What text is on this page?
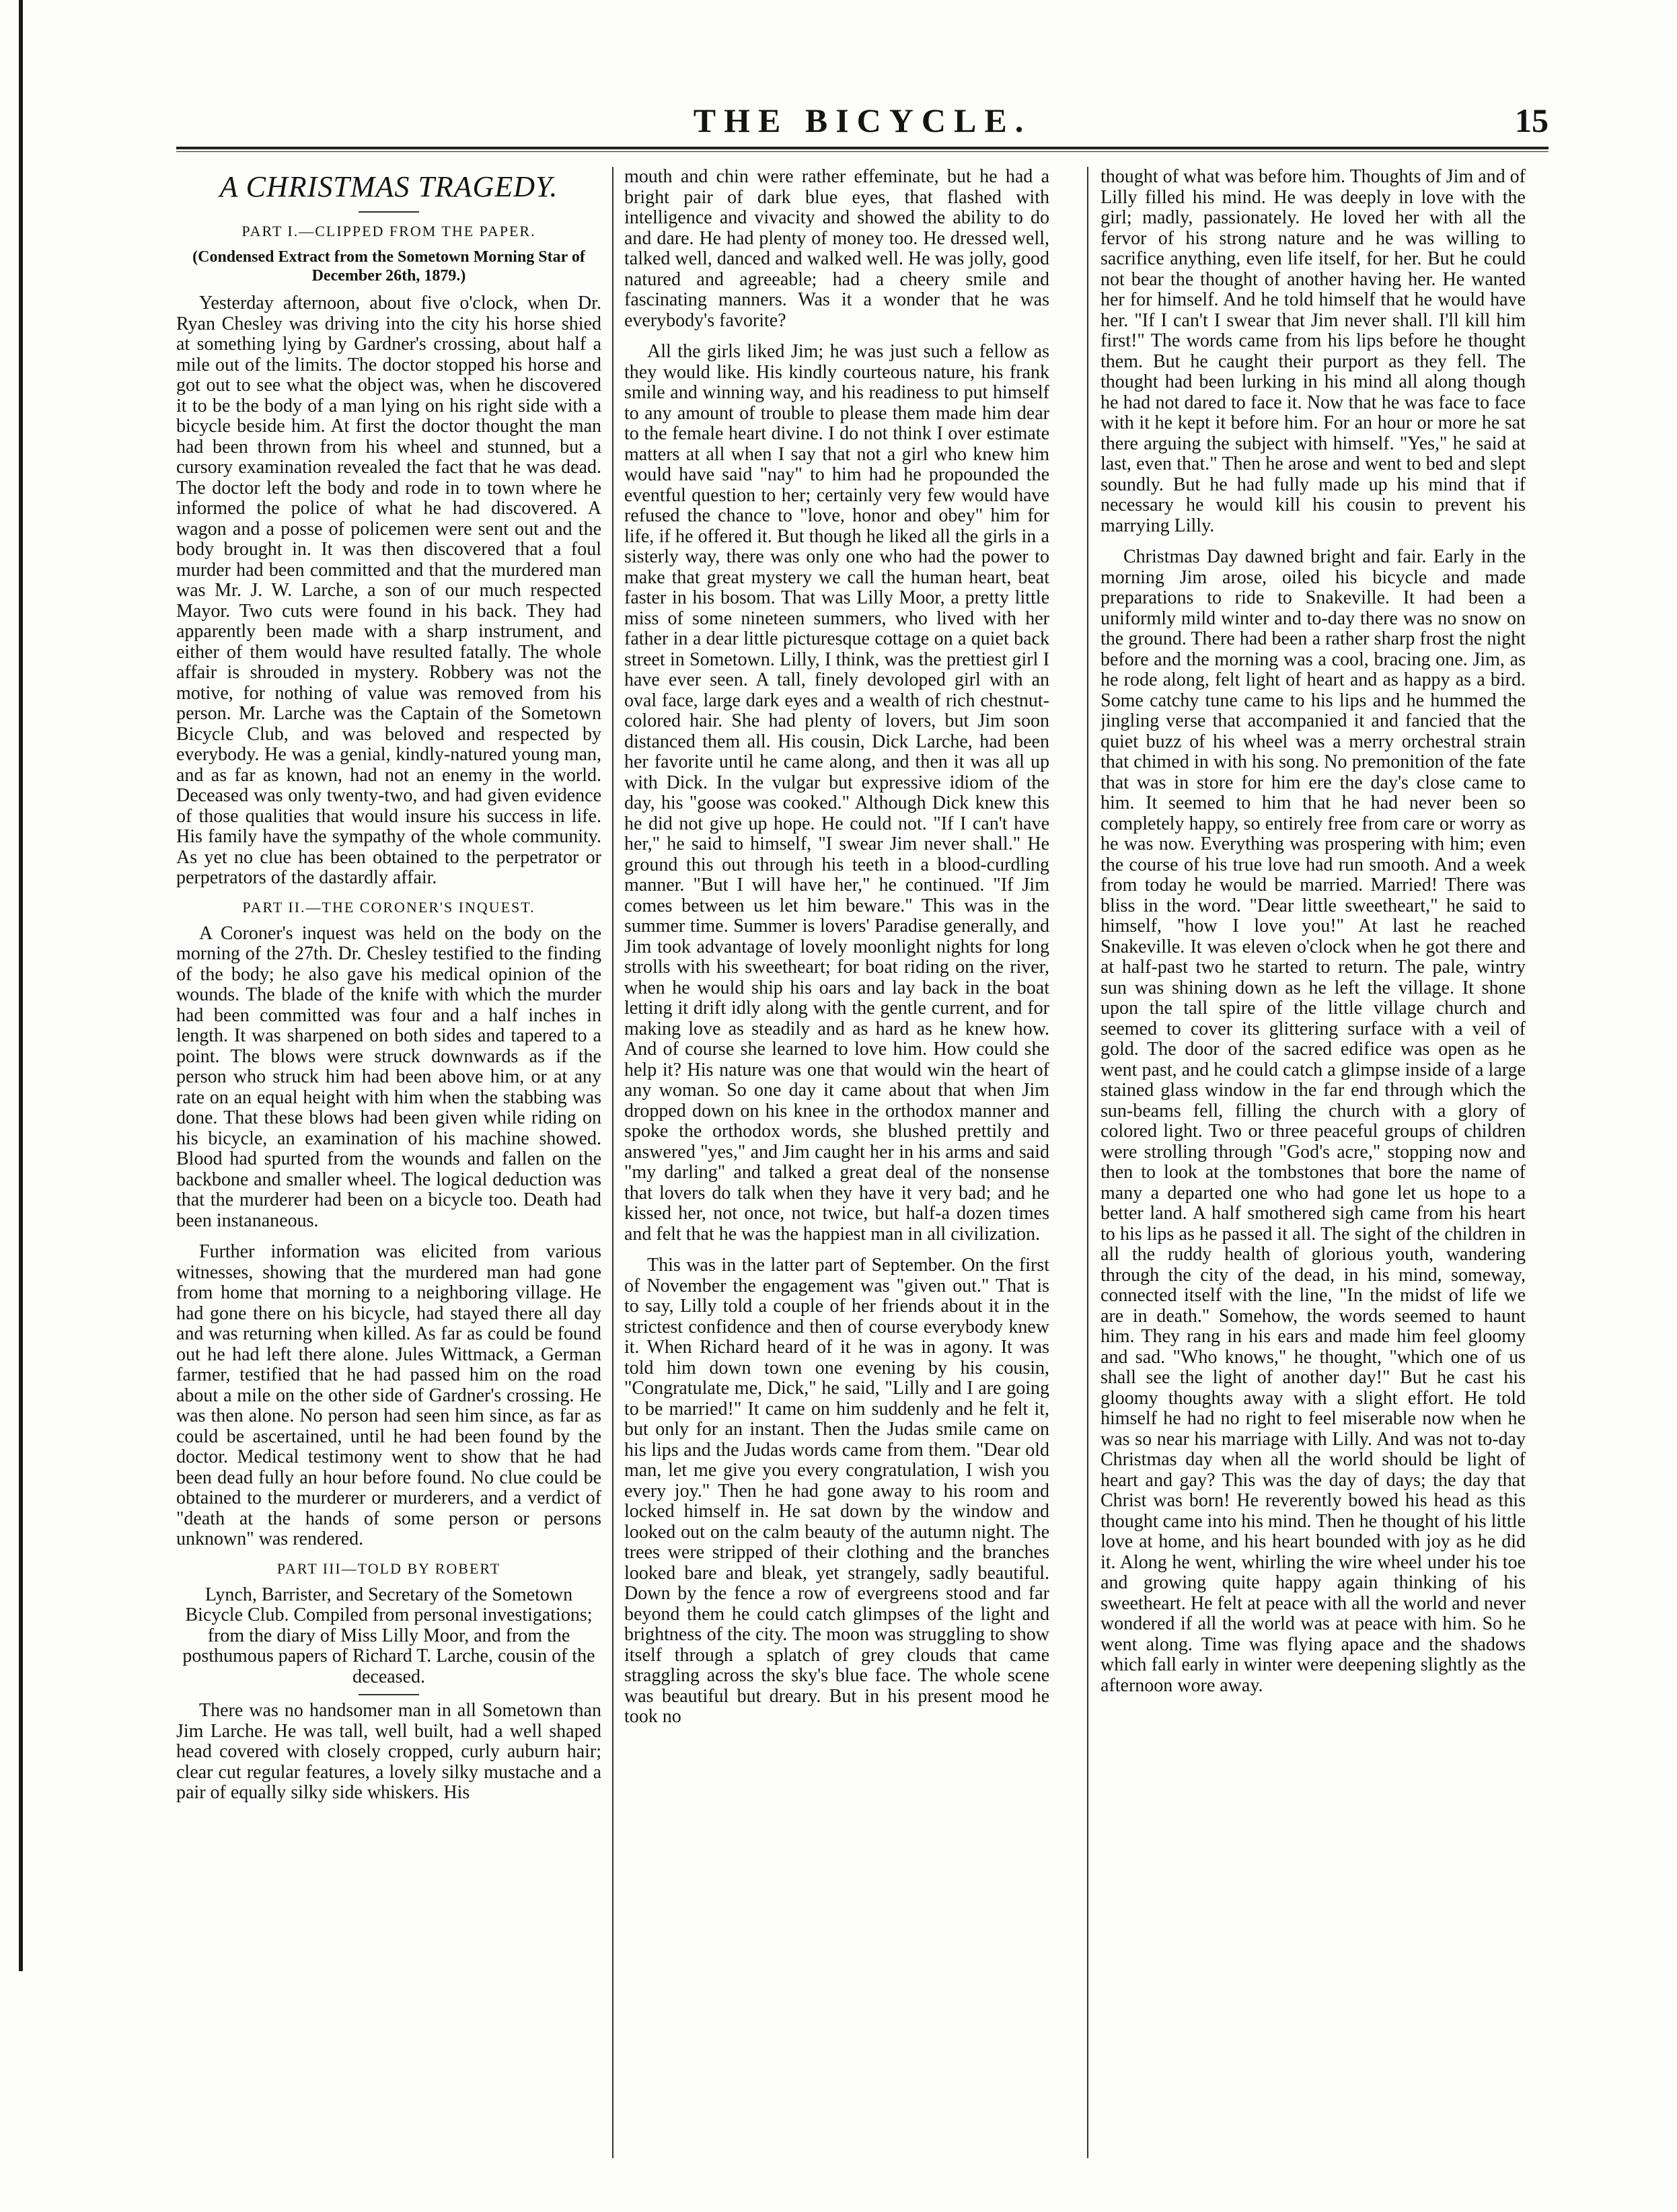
THE BICYCLE.	15
A CHRISTMAS TRAGEDY.
PART I.—CLIPPED FROM THE PAPER.
(Condensed Extract from the Sometown Morning Star of December 26th, 1879.)

Yesterday afternoon, about five o'clock, when Dr. Ryan Chesley was driving into the city his horse shied at something lying by Gardner's crossing, about half a mile out of the limits. The doctor stopped his horse and got out to see what the object was, when he discovered it to be the body of a man lying on his right side with a bicycle beside him. At first the doctor thought the man had been thrown from his wheel and stunned, but a cursory examination revealed the fact that he was dead. The doctor left the body and rode in to town where he informed the police of what he had discovered. A wagon and a posse of policemen were sent out and the body brought in. It was then discovered that a foul murder had been committed and that the murdered man was Mr. J. W. Larche, a son of our much respected Mayor. Two cuts were found in his back. They had apparently been made with a sharp instrument, and either of them would have resulted fatally. The whole affair is shrouded in mystery. Robbery was not the motive, for nothing of value was removed from his person. Mr. Larche was the Captain of the Sometown Bicycle Club, and was beloved and respected by everybody. He was a genial, kindly-natured young man, and as far as known, had not an enemy in the world. Deceased was only twenty-two, and had given evidence of those qualities that would insure his success in life. His family have the sympathy of the whole community. As yet no clue has been obtained to the perpetrator or perpetrators of the dastardly affair.

PART II.—THE CORONER'S INQUEST.

A Coroner's inquest was held on the body on the morning of the 27th. Dr. Chesley testified to the finding of the body; he also gave his medical opinion of the wounds. The blade of the knife with which the murder had been committed was four and a half inches in length. It was sharpened on both sides and tapered to a point. The blows were struck downwards as if the person who struck him had been above him, or at any rate on an equal height with him when the stabbing was done. That these blows had been given while riding on his bicycle, an examination of his machine showed. Blood had spurted from the wounds and fallen on the backbone and smaller wheel. The logical deduction was that the murderer had been on a bicycle too. Death had been instananeous.

Further information was elicited from various witnesses, showing that the murdered man had gone from home that morning to a neighboring village. He had gone there on his bicycle, had stayed there all day and was returning when killed. As far as could be found out he had left there alone. Jules Wittmack, a German farmer, testified that he had passed him on the road about a mile on the other side of Gardner's crossing. He was then alone. No person had seen him since, as far as could be ascertained, until he had been found by the doctor. Medical testimony went to show that he had been dead fully an hour before found. No clue could be obtained to the murderer or murderers, and a verdict of "death at the hands of some person or persons unknown" was rendered.

PART III—TOLD BY ROBERT
Lynch, Barrister, and Secretary of the Sometown Bicycle Club. Compiled from personal investigations; from the diary of Miss Lilly Moor, and from the posthumous papers of Richard T. Larche, cousin of the deceased.

There was no handsomer man in all Sometown than Jim Larche. He was tall, well built, had a well shaped head covered with closely cropped, curly auburn hair; clear cut regular features, a lovely silky mustache and a pair of equally silky side whiskers. His

mouth and chin were rather effeminate, but he had a bright pair of dark blue eyes, that flashed with intelligence and vivacity and showed the ability to do and dare. He had plenty of money too. He dressed well, talked well, danced and walked well. He was jolly, good natured and agreeable; had a cheery smile and fascinating manners. Was it a wonder that he was everybody's favorite?

All the girls liked Jim; he was just such a fellow as they would like. His kindly courteous nature, his frank smile and winning way, and his readiness to put himself to any amount of trouble to please them made him dear to the female heart divine. I do not think I over estimate matters at all when I say that not a girl who knew him would have said "nay" to him had he propounded the eventful question to her; certainly very few would have refused the chance to "love, honor and obey" him for life, if he offered it. But though he liked all the girls in a sisterly way, there was only one who had the power to make that great mystery we call the human heart, beat faster in his bosom. That was Lilly Moor, a pretty little miss of some nineteen summers, who lived with her father in a dear little picturesque cottage on a quiet back street in Sometown. Lilly, I think, was the prettiest girl I have ever seen. A tall, finely devoloped girl with an oval face, large dark eyes and a wealth of rich chestnut-colored hair. She had plenty of lovers, but Jim soon distanced them all. His cousin, Dick Larche, had been her favorite until he came along, and then it was all up with Dick. In the vulgar but expressive idiom of the day, his "goose was cooked." Although Dick knew this he did not give up hope. He could not. "If I can't have her," he said to himself, "I swear Jim never shall." He ground this out through his teeth in a blood-curdling manner. "But I will have her," he continued. "If Jim comes between us let him beware." This was in the summer time. Summer is lovers' Paradise generally, and Jim took advantage of lovely moonlight nights for long strolls with his sweetheart; for boat riding on the river, when he would ship his oars and lay back in the boat letting it drift idly along with the gentle current, and for making love as steadily and as hard as he knew how. And of course she learned to love him. How could she help it? His nature was one that would win the heart of any woman. So one day it came about that when Jim dropped down on his knee in the orthodox manner and spoke the orthodox words, she blushed prettily and answered "yes," and Jim caught her in his arms and said "my darling" and talked a great deal of the nonsense that lovers do talk when they have it very bad; and he kissed her, not once, not twice, but half-a dozen times and felt that he was the happiest man in all civilization.

This was in the latter part of September. On the first of November the engagement was "given out." That is to say, Lilly told a couple of her friends about it in the strictest confidence and then of course everybody knew it. When Richard heard of it he was in agony. It was told him down town one evening by his cousin, "Congratulate me, Dick," he said, "Lilly and I are going to be married!" It came on him suddenly and he felt it, but only for an instant. Then the Judas smile came on his lips and the Judas words came from them. "Dear old man, let me give you every congratulation, I wish you every joy." Then he had gone away to his room and locked himself in. He sat down by the window and looked out on the calm beauty of the autumn night. The trees were stripped of their clothing and the branches looked bare and bleak, yet strangely, sadly beautiful. Down by the fence a row of evergreens stood and far beyond them he could catch glimpses of the light and brightness of the city. The moon was struggling to show itself through a splatch of grey clouds that came straggling across the sky's blue face. The whole scene was beautiful but dreary. But in his present mood he took no

thought of what was before him. Thoughts of Jim and of Lilly filled his mind. He was deeply in love with the girl; madly, passionately. He loved her with all the fervor of his strong nature and he was willing to sacrifice anything, even life itself, for her. But he could not bear the thought of another having her. He wanted her for himself. And he told himself that he would have her. "If I can't I swear that Jim never shall. I'll kill him first!" The words came from his lips before he thought them. But he caught their purport as they fell. The thought had been lurking in his mind all along though he had not dared to face it. Now that he was face to face with it he kept it before him. For an hour or more he sat there arguing the subject with himself. "Yes," he said at last, even that." Then he arose and went to bed and slept soundly. But he had fully made up his mind that if necessary he would kill his cousin to prevent his marrying Lilly.

Christmas Day dawned bright and fair. Early in the morning Jim arose, oiled his bicycle and made preparations to ride to Snakeville. It had been a uniformly mild winter and to-day there was no snow on the ground. There had been a rather sharp frost the night before and the morning was a cool, bracing one. Jim, as he rode along, felt light of heart and as happy as a bird. Some catchy tune came to his lips and he hummed the jingling verse that accompanied it and fancied that the quiet buzz of his wheel was a merry orchestral strain that chimed in with his song. No premonition of the fate that was in store for him ere the day's close came to him. It seemed to him that he had never been so completely happy, so entirely free from care or worry as he was now. Everything was prospering with him; even the course of his true love had run smooth. And a week from today he would be married. Married! There was bliss in the word. "Dear little sweetheart," he said to himself, "how I love you!" At last he reached Snakeville. It was eleven o'clock when he got there and at half-past two he started to return. The pale, wintry sun was shining down as he left the village. It shone upon the tall spire of the little village church and seemed to cover its glittering surface with a veil of gold. The door of the sacred edifice was open as he went past, and he could catch a glimpse inside of a large stained glass window in the far end through which the sun-beams fell, filling the church with a glory of colored light. Two or three peaceful groups of children were strolling through "God's acre," stopping now and then to look at the tombstones that bore the name of many a departed one who had gone let us hope to a better land. A half smothered sigh came from his heart to his lips as he passed it all. The sight of the children in all the ruddy health of glorious youth, wandering through the city of the dead, in his mind, someway, connected itself with the line, "In the midst of life we are in death." Somehow, the words seemed to haunt him. They rang in his ears and made him feel gloomy and sad. "Who knows," he thought, "which one of us shall see the light of another day!" But he cast his gloomy thoughts away with a slight effort. He told himself he had no right to feel miserable now when he was so near his marriage with Lilly. And was not to-day Christmas day when all the world should be light of heart and gay? This was the day of days; the day that Christ was born! He reverently bowed his head as this thought came into his mind. Then he thought of his little love at home, and his heart bounded with joy as he did it. Along he went, whirling the wire wheel under his toe and growing quite happy again thinking of his sweetheart. He felt at peace with all the world and never wondered if all the world was at peace with him. So he went along. Time was flying apace and the shadows which fall early in winter were deepening slightly as the afternoon wore away.
